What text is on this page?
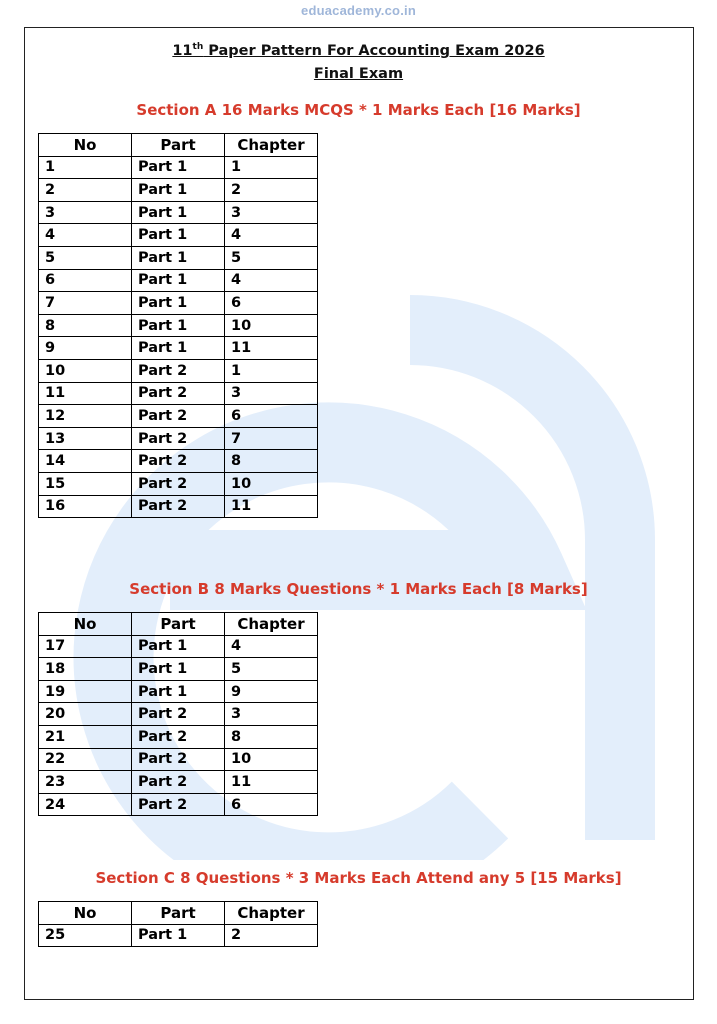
eduacademy.co.in
11th Paper Pattern For Accounting Exam 2026
Final Exam
Section A 16 Marks MCQS * 1 Marks Each [16 Marks]
No	Part	Chapter
1	Part 1	1
2	Part 1	2
3	Part 1	3
4	Part 1	4
5	Part 1	5
6	Part 1	4
7	Part 1	6
8	Part 1	10
9	Part 1	11
10	Part 2	1
11	Part 2	3
12	Part 2	6
13	Part 2	7
14	Part 2	8
15	Part 2	10
16	Part 2	11
Section B 8 Marks Questions * 1 Marks Each [8 Marks]
No	Part	Chapter
17	Part 1	4
18	Part 1	5
19	Part 1	9
20	Part 2	3
21	Part 2	8
22	Part 2	10
23	Part 2	11
24	Part 2	6
Section C 8 Questions * 3 Marks Each Attend any 5 [15 Marks]
No	Part	Chapter
25	Part 1	2
